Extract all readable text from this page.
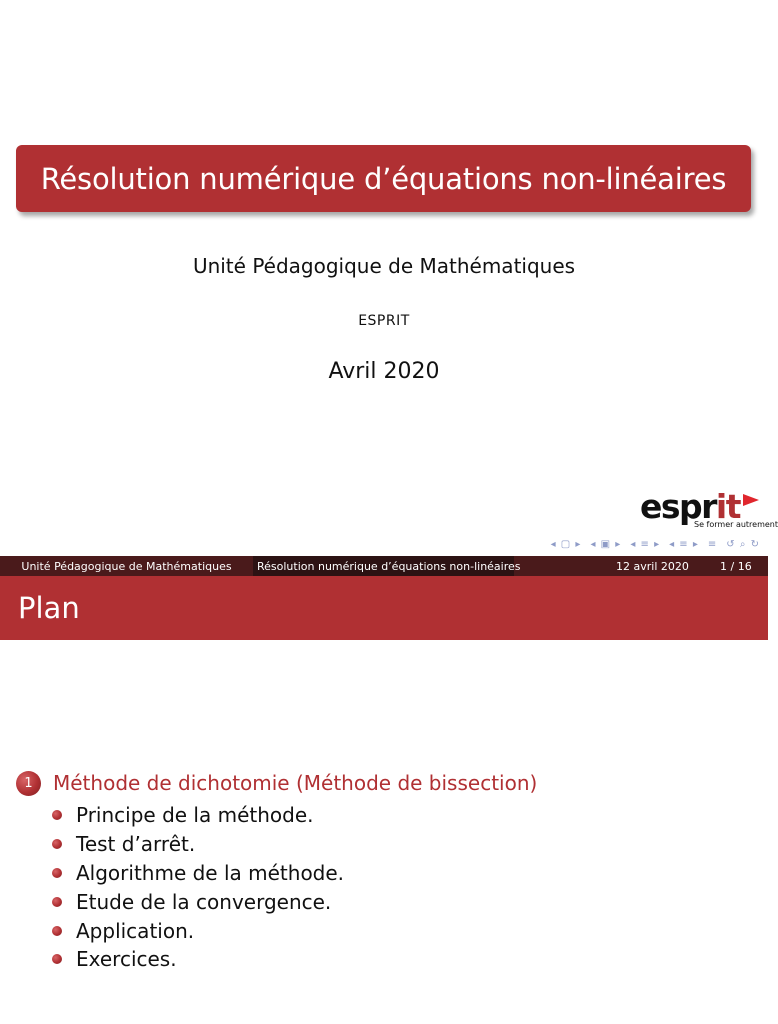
Résolution numérique d’équations non-linéaires
Unité Pédagogique de Mathématiques
ESPRIT
Avril 2020
esprit
Se former autrement
◂ ▢ ▸ ◂ ▣ ▸ ◂ ≡ ▸ ◂ ≡ ▸ ≡ ↺ ⌕ ↻
Unité Pédagogique de Mathématiques	Résolution numérique d’équations non-linéaires	12 avril 2020	1 / 16
Plan
1	Méthode de dichotomie (Méthode de bissection)
Principe de la méthode.
Test d’arrêt.
Algorithme de la méthode.
Etude de la convergence.
Application.
Exercices.
